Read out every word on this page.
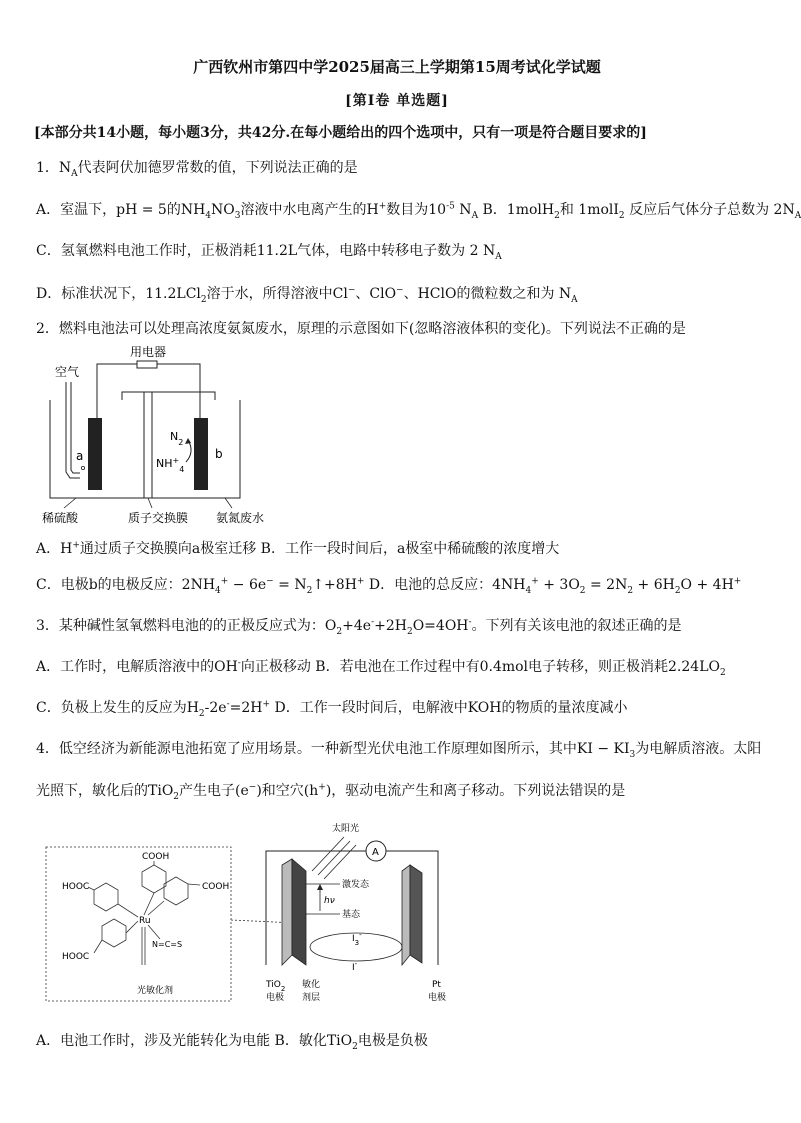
广西钦州市第四中学2025届高三上学期第15周考试化学试题
[第Ⅰ卷 单选题]
[本部分共14小题，每小题3分，共42分.在每小题给出的四个选项中，只有一项是符合题目要求的]
1．$N_A$代表阿伏加德罗常数的值，下列说法正确的是
A．室温下，pH = 5的$NH_4NO_3$溶液中水电离产生的H+数目为$10^{-5}$ $N_A$ B．1molH$_2$和 1molI$_2$ 反应后气体分子总数为 $2N_A$
C．氢氧燃料电池工作时，正极消耗11.2L气体，电路中转移电子数为 2 $N_A$
D．标准状况下，11.2LCl$_2$溶于水，所得溶液中Cl−、ClO−、HClO的微粒数之和为 $N_A$
2．燃料电池法可以处理高浓度氨氮废水，原理的示意图如下(忽略溶液体积的变化)。下列说法不正确的是
用电器
a	b
空气
$N_2$
$NH^+_4$
稀硫酸	质子交换膜 氨氮废水
A．H+通过质子交换膜向a极室迁移 B．工作一段时间后，a极室中稀硫酸的浓度增大
C．电极b的电极反应：$2NH_4^+ - 6e^-$ = $N_2↑+8H^+$ D．电池的总反应：$4NH_4^+ + 3O_2 = 2N_2 + 6H_2O + 4H^+$
3．某种碱性氢氧燃料电池的的正极反应式为：$O_2+4e^-+2H_2O=4OH^-$。下列有关该电池的叙述正确的是
A．工作时，电解质溶液中的OH-向正极移动 B．若电池在工作过程中有0.4mol电子转移，则正极消耗$2.24LO_2$
C．负极上发生的反应为$H_2-2e^-=2H^+$ D．工作一段时间后，电解液中KOH的物质的量浓度减小
4．低空经济为新能源电池拓宽了应用场景。一种新型光伏电池工作原理如图所示，其中KI − $KI_3$为电解质溶液。太阳
光照下，敏化后的TiO$_2$产生电子(e−)和空穴(h+)，驱动电流产生和离子移动。下列说法错误的是
COOH
HOOC	COOH
HOOC
Ru
N=C=S
光敏化剂
A
太阳光
激发态
hν
基态
$I_3^-$
I-
TiO$_2$
电极
敏化
剂层
Pt
电极
A．电池工作时，涉及光能转化为电能 B．敏化TiO$_2$电极是负极
